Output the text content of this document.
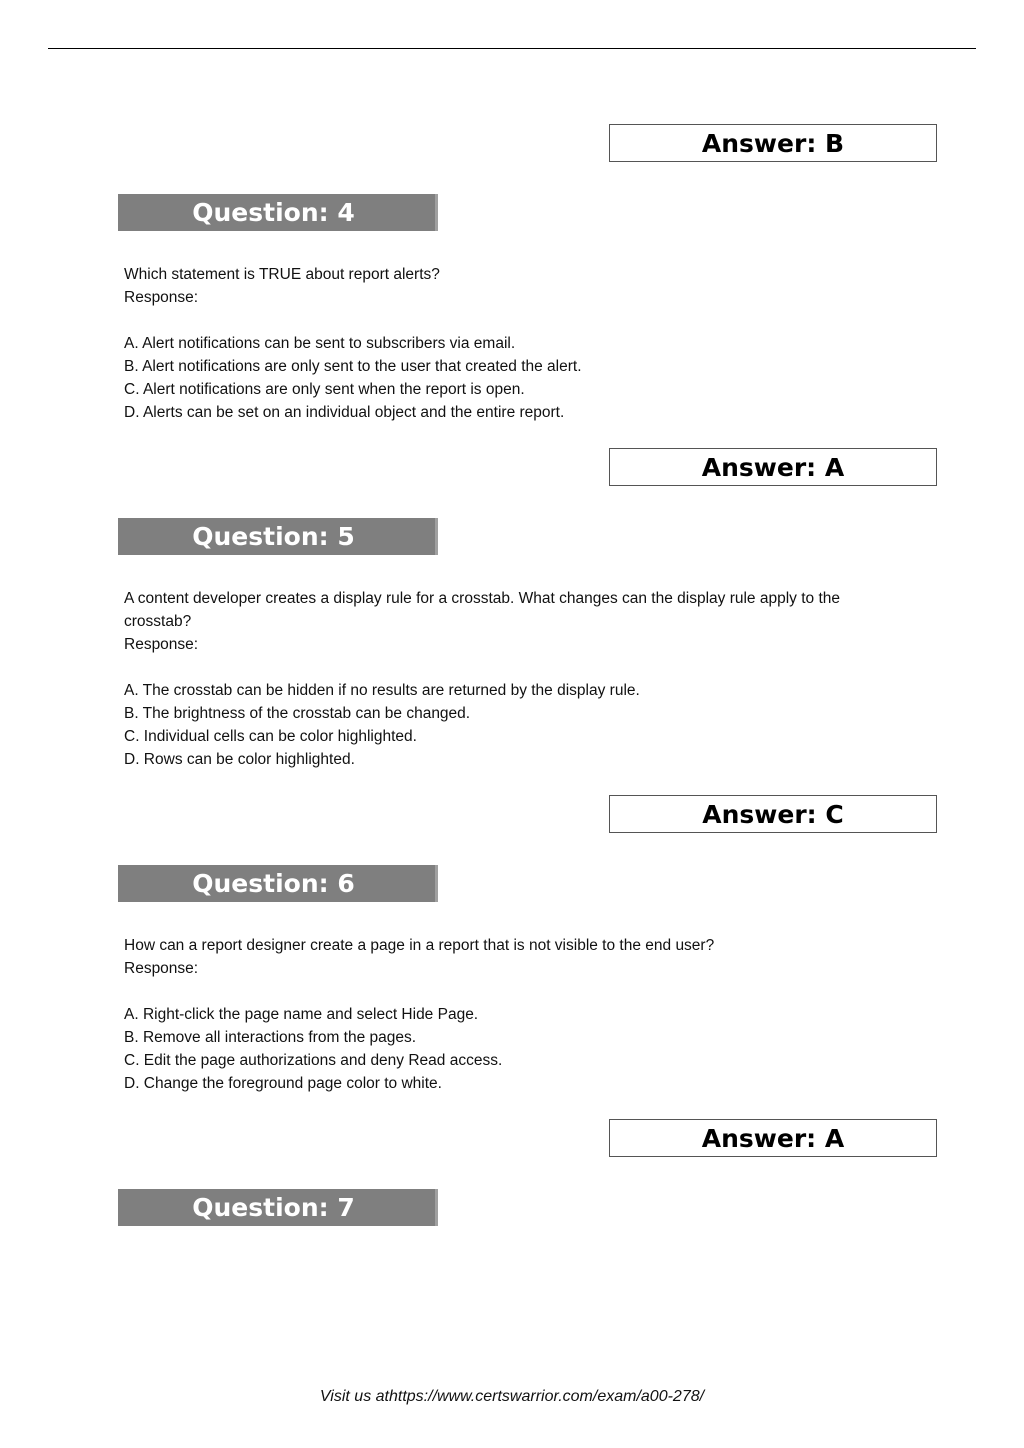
Answer: B
Question: 4

Which statement is TRUE about report alerts?

Response:

A. Alert notifications can be sent to subscribers via email.

B. Alert notifications are only sent to the user that created the alert.

C. Alert notifications are only sent when the report is open.

D. Alerts can be set on an individual object and the entire report.

Answer: A
Question: 5

A content developer creates a display rule for a crosstab. What changes can the display rule apply to the

crosstab?

Response:

A. The crosstab can be hidden if no results are returned by the display rule.

B. The brightness of the crosstab can be changed.

C. Individual cells can be color highlighted.

D. Rows can be color highlighted.

Answer: C
Question: 6

How can a report designer create a page in a report that is not visible to the end user?

Response:

A. Right-click the page name and select Hide Page.

B. Remove all interactions from the pages.

C. Edit the page authorizations and deny Read access.

D. Change the foreground page color to white.

Answer: A
Question: 7
Visit us athttps://www.certswarrior.com/exam/a00-278/
